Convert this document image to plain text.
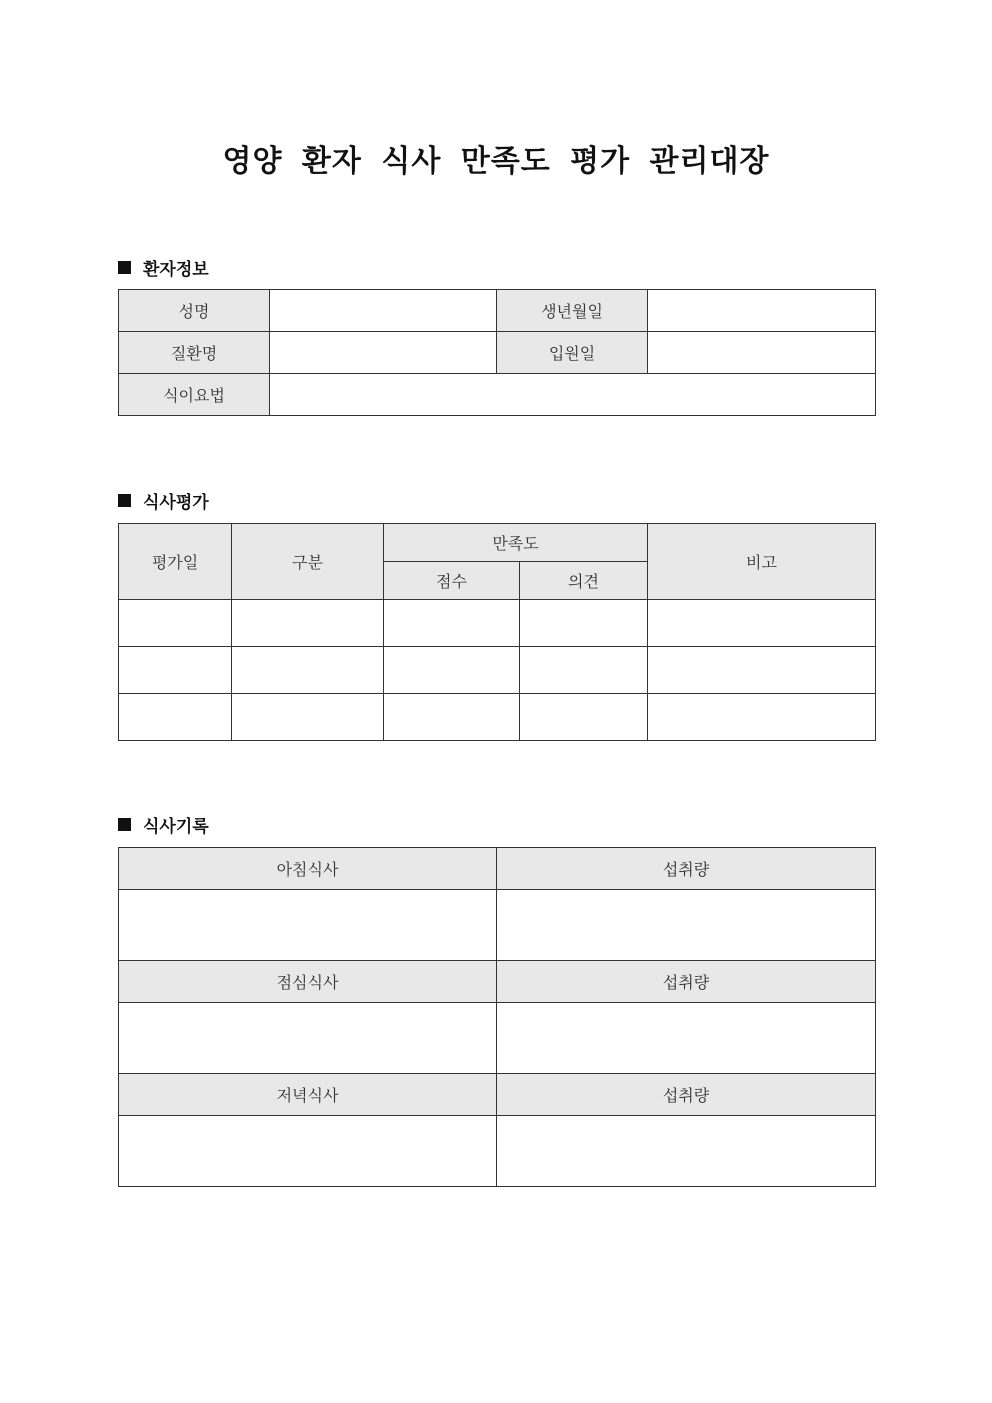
영양 환자 식사 만족도 평가 관리대장
환자정보
성명		생년월일	
질환명		입원일	
식이요법			
식사평가
평가일	구분	만족도		비고
		점수	의견	

식사기록
아침식사	섭취량

점심식사	섭취량

저녁식사	섭취량
